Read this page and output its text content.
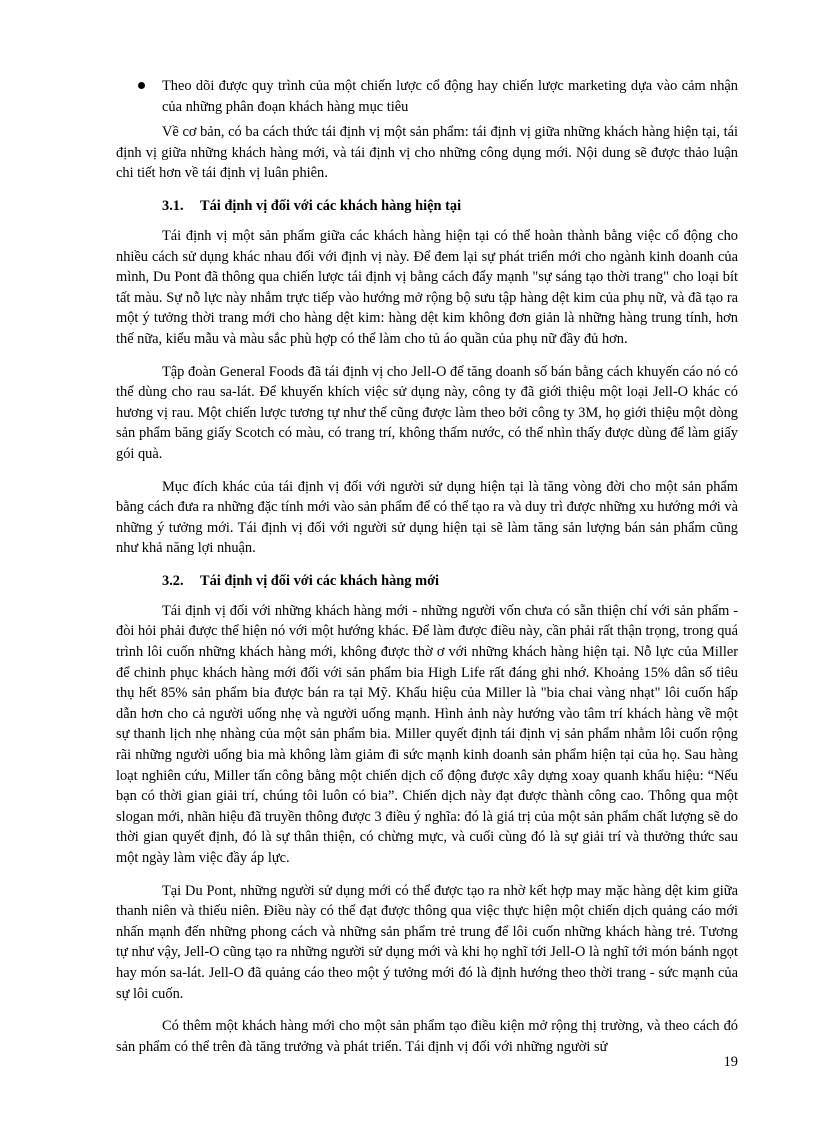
Theo dõi được quy trình của một chiến lược cổ động hay chiến lược marketing dựa vào cảm nhận của những phân đoạn khách hàng mục tiêu

Về cơ bản, có ba cách thức tái định vị một sản phẩm: tái định vị giữa những khách hàng hiện tại, tái định vị giữa những khách hàng mới, và tái định vị cho những công dụng mới. Nội dung sẽ được thảo luận chi tiết hơn về tái định vị luân phiên.

3.1. Tái định vị đối với các khách hàng hiện tại

Tái định vị một sản phẩm giữa các khách hàng hiện tại có thể hoàn thành bằng việc cổ động cho nhiều cách sử dụng khác nhau đối với định vị này. Để đem lại sự phát triển mới cho ngành kinh doanh của mình, Du Pont đã thông qua chiến lược tái định vị bằng cách đẩy mạnh "sự sáng tạo thời trang" cho loại bít tất màu. Sự nỗ lực này nhắm trực tiếp vào hướng mở rộng bộ sưu tập hàng dệt kim của phụ nữ, và đã tạo ra một ý tưởng thời trang mới cho hàng dệt kim: hàng dệt kim không đơn giản là những hàng trung tính, hơn thế nữa, kiểu mẫu và màu sắc phù hợp có thể làm cho tủ áo quần của phụ nữ đầy đủ hơn.

Tập đoàn General Foods đã tái định vị cho Jell-O để tăng doanh số bán bằng cách khuyến cáo nó có thể dùng cho rau sa-lát. Để khuyến khích việc sử dụng này, công ty đã giới thiệu một loại Jell-O khác có hương vị rau. Một chiến lược tương tự như thế cũng được làm theo bởi công ty 3M, họ giới thiệu một dòng sản phẩm băng giấy Scotch có màu, có trang trí, không thấm nước, có thể nhìn thấy được dùng để làm giấy gói quà.

Mục đích khác của tái định vị đối với người sử dụng hiện tại là tăng vòng đời cho một sản phẩm bằng cách đưa ra những đặc tính mới vào sản phẩm để có thể tạo ra và duy trì được những xu hướng mới và những ý tưởng mới. Tái định vị đối với người sử dụng hiện tại sẽ làm tăng sản lượng bán sản phẩm cũng như khả năng lợi nhuận.

3.2. Tái định vị đối với các khách hàng mới

Tái định vị đối với những khách hàng mới - những người vốn chưa có sẵn thiện chí với sản phẩm - đòi hỏi phải được thể hiện nó với một hướng khác. Để làm được điều này, cần phải rất thận trọng, trong quá trình lôi cuốn những khách hàng mới, không được thờ ơ với những khách hàng hiện tại. Nỗ lực của Miller để chinh phục khách hàng mới đối với sản phẩm bia High Life rất đáng ghi nhớ. Khoảng 15% dân số tiêu thụ hết 85% sản phẩm bia được bán ra tại Mỹ. Khẩu hiệu của Miller là "bia chai vàng nhạt" lôi cuốn hấp dẫn hơn cho cả người uống nhẹ và người uống mạnh. Hình ảnh này hướng vào tâm trí khách hàng về một sự thanh lịch nhẹ nhàng của một sản phẩm bia. Miller quyết định tái định vị sản phẩm nhằm lôi cuốn rộng rãi những người uống bia mà không làm giảm đi sức mạnh kinh doanh sản phẩm hiện tại của họ. Sau hàng loạt nghiên cứu, Miller tấn công bằng một chiến dịch cổ động được xây dựng xoay quanh khẩu hiệu: “Nếu bạn có thời gian giải trí, chúng tôi luôn có bia”. Chiến dịch này đạt được thành công cao. Thông qua một slogan mới, nhãn hiệu đã truyền thông được 3 điều ý nghĩa: đó là giá trị của một sản phẩm chất lượng sẽ do thời gian quyết định, đó là sự thân thiện, có chừng mực, và cuối cùng đó là sự giải trí và thưởng thức sau một ngày làm việc đầy áp lực.

Tại Du Pont, những người sử dụng mới có thể được tạo ra nhờ kết hợp may mặc hàng dệt kim giữa thanh niên và thiếu niên. Điều này có thể đạt được thông qua việc thực hiện một chiến dịch quảng cáo mới nhấn mạnh đến những phong cách và những sản phẩm trẻ trung để lôi cuốn những khách hàng trẻ. Tương tự như vậy, Jell-O cũng tạo ra những người sử dụng mới và khi họ nghĩ tới Jell-O là nghĩ tới món bánh ngọt hay món sa-lát. Jell-O đã quảng cáo theo một ý tưởng mới đó là định hướng theo thời trang - sức mạnh của sự lôi cuốn.

Có thêm một khách hàng mới cho một sản phẩm tạo điều kiện mở rộng thị trường, và theo cách đó sản phẩm có thể trên đà tăng trưởng và phát triển. Tái định vị đối với những người sử

19
